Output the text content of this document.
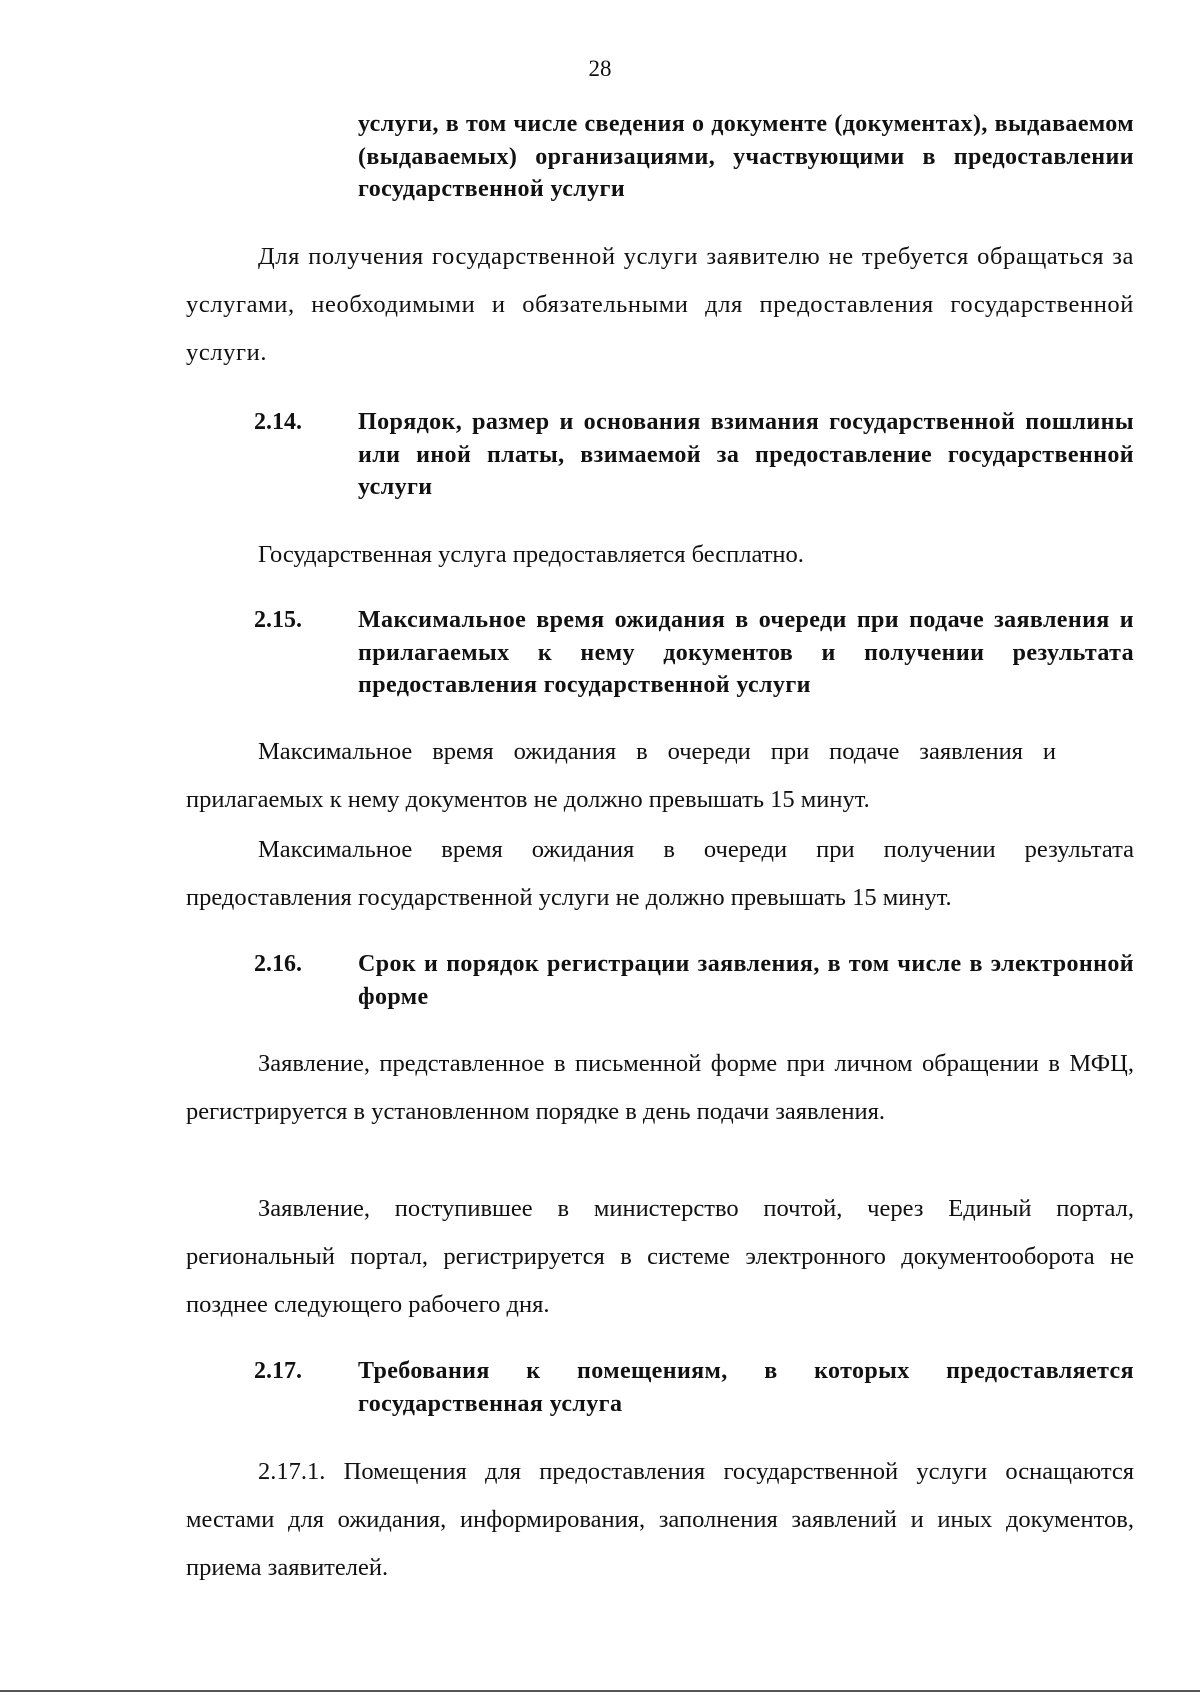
28
услуги, в том числе сведения о документе (документах), выдаваемом (выдаваемых) организациями, участвующими в предоставлении государственной услуги
Для получения государственной услуги заявителю не требуется обращаться за услугами, необходимыми и обязательными для предоставления государственной услуги.
2.14. Порядок, размер и основания взимания государственной пошлины или иной платы, взимаемой за предоставление государственной услуги
Государственная услуга предоставляется бесплатно.
2.15. Максимальное время ожидания в очереди при подаче заявления и прилагаемых к нему документов и получении результата предоставления государственной услуги
Максимальное время ожидания в очереди при подаче заявления и прилагаемых к нему документов не должно превышать 15 минут.
Максимальное время ожидания в очереди при получении результата предоставления государственной услуги не должно превышать 15 минут.
2.16. Срок и порядок регистрации заявления, в том числе в электронной форме
Заявление, представленное в письменной форме при личном обращении в МФЦ, регистрируется в установленном порядке в день подачи заявления.
Заявление, поступившее в министерство почтой, через Единый портал, региональный портал, регистрируется в системе электронного документооборота не позднее следующего рабочего дня.
2.17. Требования к помещениям, в которых предоставляется государственная услуга
2.17.1. Помещения для предоставления государственной услуги оснащаются местами для ожидания, информирования, заполнения заявлений и иных документов, приема заявителей.
